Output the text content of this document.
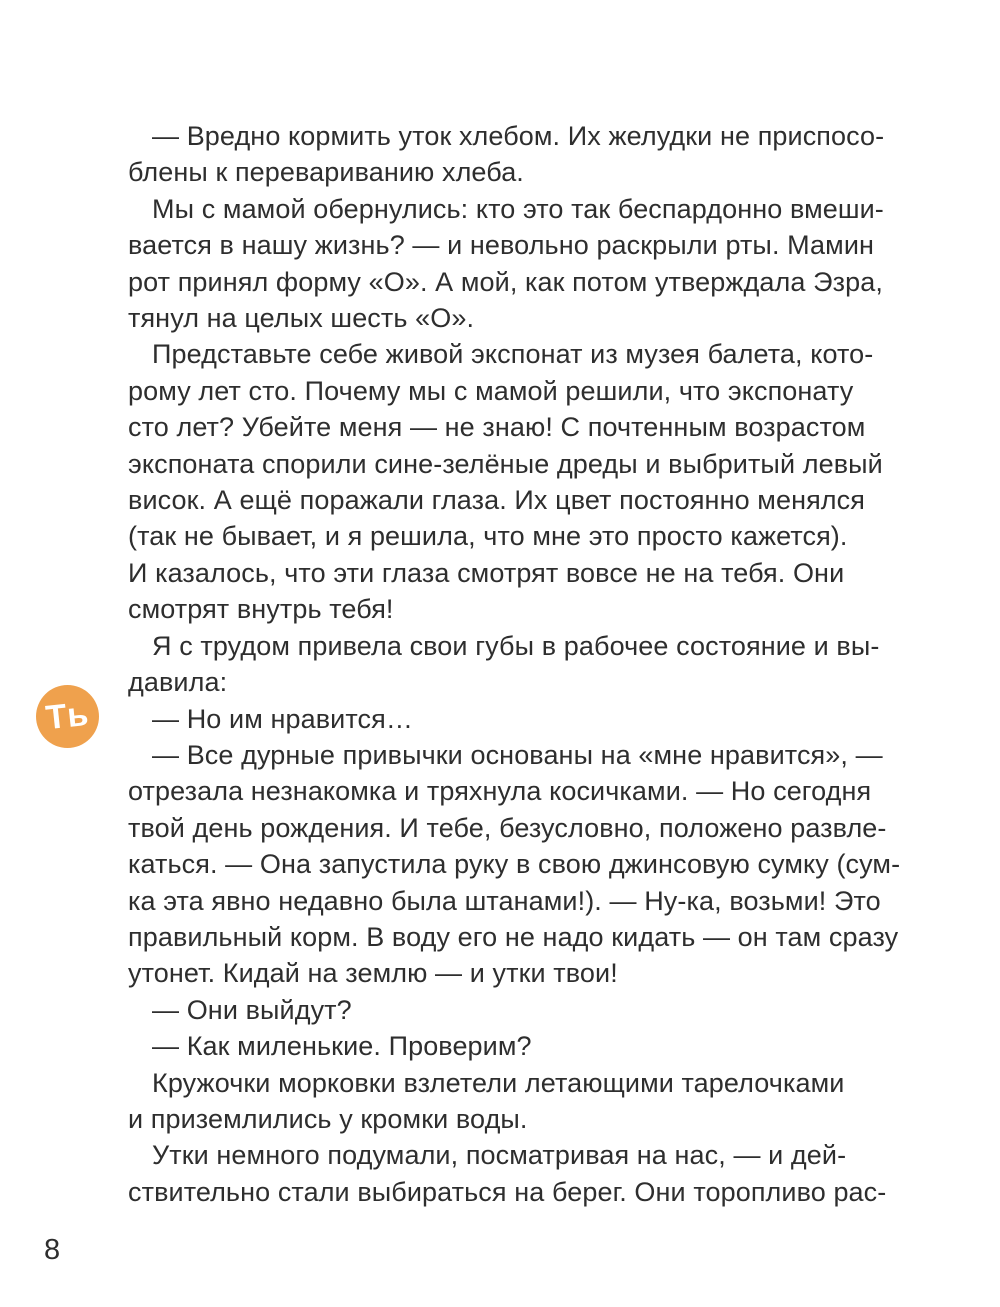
Ть
— Вредно кормить уток хлебом. Их желудки не приспосо-
блены к перевариванию хлеба.
Мы с мамой обернулись: кто это так беспардонно вмеши-
вается в нашу жизнь? — и невольно раскрыли рты. Мамин
рот принял форму «О». А мой, как потом утверждала Эзра,
тянул на целых шесть «О».
Представьте себе живой экспонат из музея балета, кото-
рому лет сто. Почему мы с мамой решили, что экспонату
сто лет? Убейте меня — не знаю! С почтенным возрастом
экспоната спорили сине-зелёные дреды и выбритый левый
висок. А ещё поражали глаза. Их цвет постоянно менялся
(так не бывает, и я решила, что мне это просто кажется).
И казалось, что эти глаза смотрят вовсе не на тебя. Они
смотрят внутрь тебя!
Я с трудом привела свои губы в рабочее состояние и вы-
давила:
— Но им нравится…
— Все дурные привычки основаны на «мне нравится», —
отрезала незнакомка и тряхнула косичками. — Но сегодня
твой день рождения. И тебе, безусловно, положено развле-
каться. — Она запустила руку в свою джинсовую сумку (сум-
ка эта явно недавно была штанами!). — Ну-ка, возьми! Это
правильный корм. В воду его не надо кидать — он там сразу
утонет. Кидай на землю — и утки твои!
— Они выйдут?
— Как миленькие. Проверим?
Кружочки морковки взлетели летающими тарелочками
и приземлились у кромки воды.
Утки немного подумали, посматривая на нас, — и дей-
ствительно стали выбираться на берег. Они торопливо рас-
8
